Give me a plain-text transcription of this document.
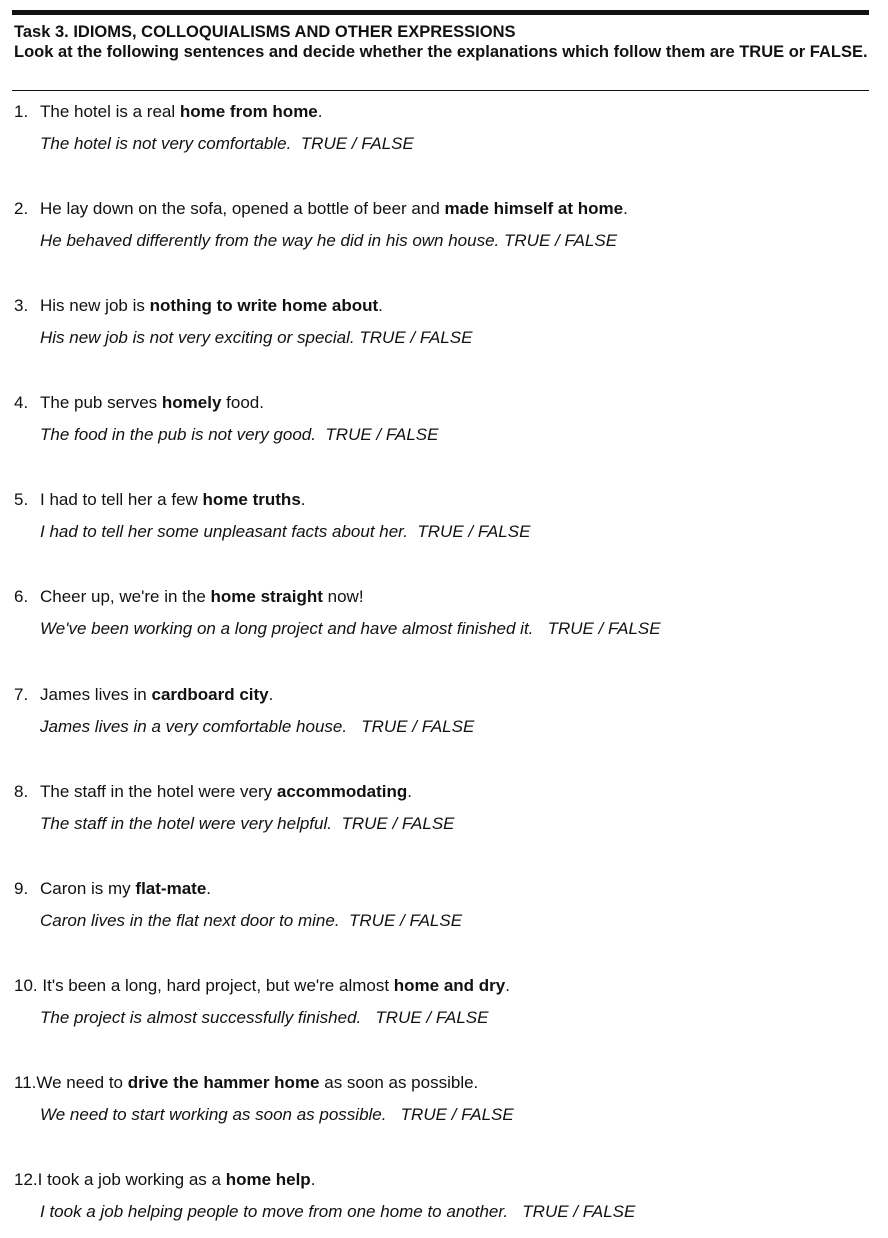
Task 3. IDIOMS, COLLOQUIALISMS AND OTHER EXPRESSIONS
Look at the following sentences and decide whether the explanations which follow them are TRUE or FALSE.
1. The hotel is a real home from home.
The hotel is not very comfortable. TRUE / FALSE
2. He lay down on the sofa, opened a bottle of beer and made himself at home.
He behaved differently from the way he did in his own house. TRUE / FALSE
3. His new job is nothing to write home about.
His new job is not very exciting or special. TRUE / FALSE
4. The pub serves homely food.
The food in the pub is not very good. TRUE / FALSE
5. I had to tell her a few home truths.
I had to tell her some unpleasant facts about her. TRUE / FALSE
6. Cheer up, we're in the home straight now!
We've been working on a long project and have almost finished it. TRUE / FALSE
7. James lives in cardboard city.
James lives in a very comfortable house. TRUE / FALSE
8. The staff in the hotel were very accommodating.
The staff in the hotel were very helpful. TRUE / FALSE
9. Caron is my flat-mate.
Caron lives in the flat next door to mine. TRUE / FALSE
10. It's been a long, hard project, but we're almost home and dry.
The project is almost successfully finished. TRUE / FALSE
11.We need to drive the hammer home as soon as possible.
We need to start working as soon as possible. TRUE / FALSE
12.I took a job working as a home help.
I took a job helping people to move from one home to another. TRUE / FALSE
